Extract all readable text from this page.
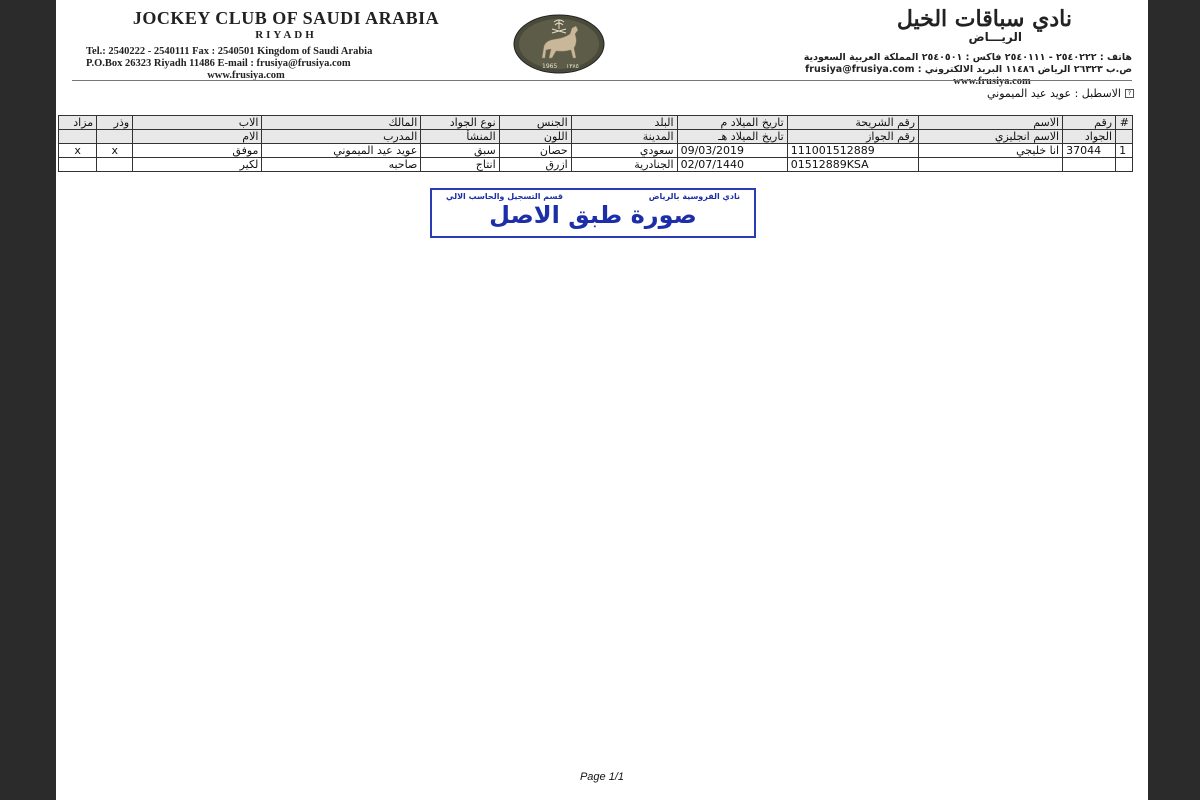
JOCKEY CLUB OF SAUDI ARABIA
RIYADH
Tel.: 2540222 - 2540111 Fax : 2540501 Kingdom of Saudi Arabia
P.O.Box 26323 Riyadh 11486 E-mail : frusiya@frusiya.com
www.frusiya.com
1965 ١٣٨٥
نادي سباقات الخيل
الريـــاض
هاتف : ٢٥٤٠٢٢٢ - ٢٥٤٠١١١ فاكس : ٢٥٤٠٥٠١ المملكة العربية السعودية
ص.ب ٢٦٣٢٣ الرياض ١١٤٨٦ البريد الالكتروني : frusiya@frusiya.com
www.frusiya.com
?
الاسطبل : عويد عيد الميموني
#	رقم	الاسم	رقم الشريحة	تاريخ الميلاد م	البلد	الجنس	نوع الجواد	المالك	الاب	وذر	مزاد
	الجواد	الاسم انجليزي	رقم الجواز	تاريخ الميلاد هـ	المدينة	اللون	المنشأ	المدرب	الام		
1	37044	انا خليجي	111001512889	09/03/2019	سعودي	حصان	سبق	عويد عيد الميموني	موفق	x	x
			01512889KSA	02/07/1440	الجنادرية	ازرق	انتاج	صاحبه	لكير		
نادي الفروسية بالرياض
قسم التسجيل والحاسب الالي
صورة طبق الاصل
Page 1/1
